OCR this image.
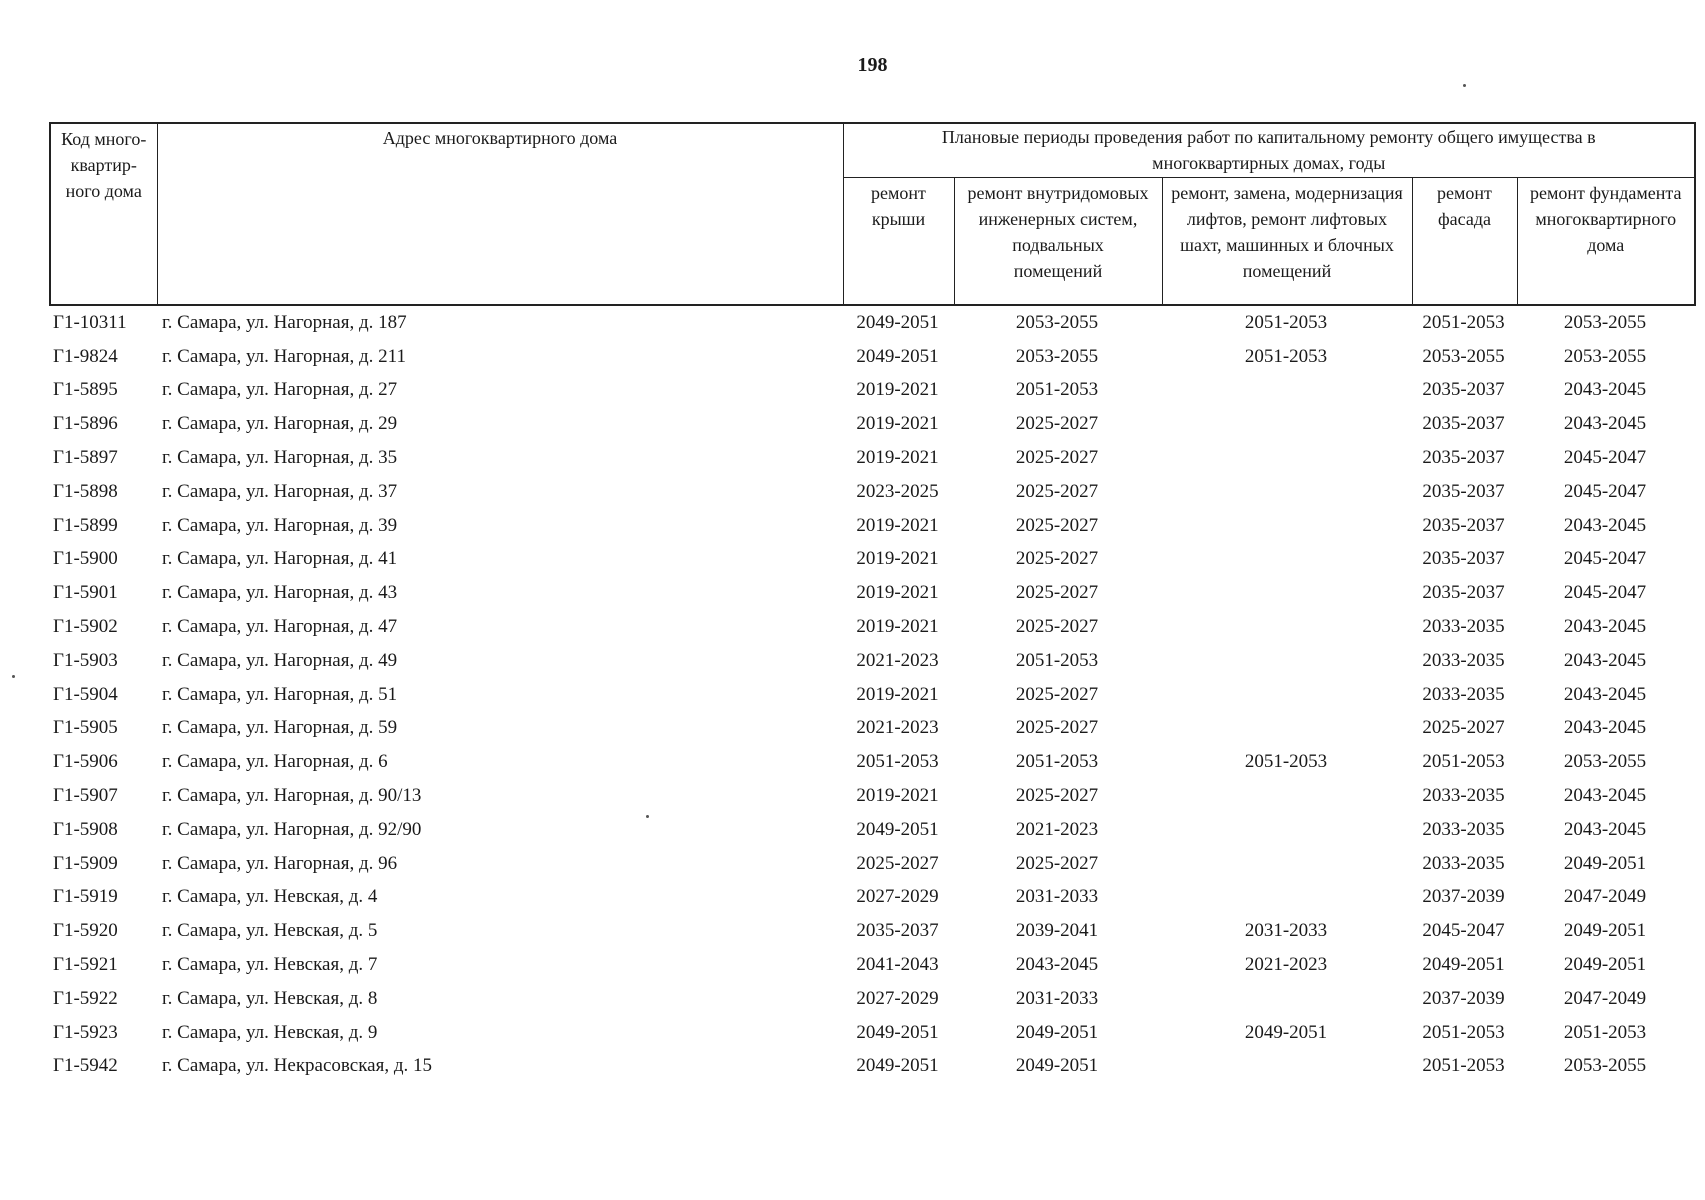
198
Код много-квартир-ного дома	Адрес многоквартирного дома	Плановые периоды проведения работ по капитальному ремонту общего имущества в многоквартирных домах, годы				
		ремонт крыши	ремонт внутридомовых инженерных систем, подвальных помещений	ремонт, замена, модернизация лифтов, ремонт лифтовых шахт, машинных и блочных помещений	ремонт фасада	ремонт фундамента многоквартирного дома
Г1-10311	г. Самара, ул. Нагорная, д. 187	2049-2051	2053-2055	2051-2053	2051-2053	2053-2055
Г1-9824	г. Самара, ул. Нагорная, д. 211	2049-2051	2053-2055	2051-2053	2053-2055	2053-2055
Г1-5895	г. Самара, ул. Нагорная, д. 27	2019-2021	2051-2053		2035-2037	2043-2045
Г1-5896	г. Самара, ул. Нагорная, д. 29	2019-2021	2025-2027		2035-2037	2043-2045
Г1-5897	г. Самара, ул. Нагорная, д. 35	2019-2021	2025-2027		2035-2037	2045-2047
Г1-5898	г. Самара, ул. Нагорная, д. 37	2023-2025	2025-2027		2035-2037	2045-2047
Г1-5899	г. Самара, ул. Нагорная, д. 39	2019-2021	2025-2027		2035-2037	2043-2045
Г1-5900	г. Самара, ул. Нагорная, д. 41	2019-2021	2025-2027		2035-2037	2045-2047
Г1-5901	г. Самара, ул. Нагорная, д. 43	2019-2021	2025-2027		2035-2037	2045-2047
Г1-5902	г. Самара, ул. Нагорная, д. 47	2019-2021	2025-2027		2033-2035	2043-2045
Г1-5903	г. Самара, ул. Нагорная, д. 49	2021-2023	2051-2053		2033-2035	2043-2045
Г1-5904	г. Самара, ул. Нагорная, д. 51	2019-2021	2025-2027		2033-2035	2043-2045
Г1-5905	г. Самара, ул. Нагорная, д. 59	2021-2023	2025-2027		2025-2027	2043-2045
Г1-5906	г. Самара, ул. Нагорная, д. 6	2051-2053	2051-2053	2051-2053	2051-2053	2053-2055
Г1-5907	г. Самара, ул. Нагорная, д. 90/13	2019-2021	2025-2027		2033-2035	2043-2045
Г1-5908	г. Самара, ул. Нагорная, д. 92/90	2049-2051	2021-2023		2033-2035	2043-2045
Г1-5909	г. Самара, ул. Нагорная, д. 96	2025-2027	2025-2027		2033-2035	2049-2051
Г1-5919	г. Самара, ул. Невская, д. 4	2027-2029	2031-2033		2037-2039	2047-2049
Г1-5920	г. Самара, ул. Невская, д. 5	2035-2037	2039-2041	2031-2033	2045-2047	2049-2051
Г1-5921	г. Самара, ул. Невская, д. 7	2041-2043	2043-2045	2021-2023	2049-2051	2049-2051
Г1-5922	г. Самара, ул. Невская, д. 8	2027-2029	2031-2033		2037-2039	2047-2049
Г1-5923	г. Самара, ул. Невская, д. 9	2049-2051	2049-2051	2049-2051	2051-2053	2051-2053
Г1-5942	г. Самара, ул. Некрасовская, д. 15	2049-2051	2049-2051		2051-2053	2053-2055
